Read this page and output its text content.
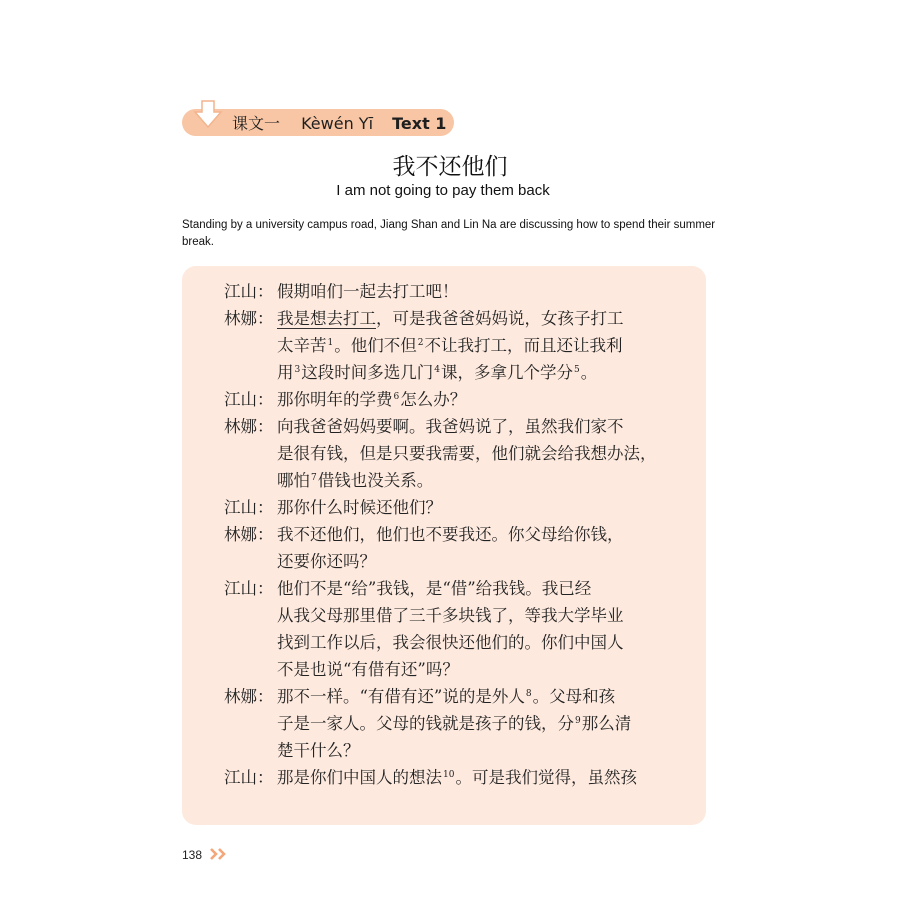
课文一 Kèwén Yī Text 1
我不还他们
I am not going to pay them back
Standing by a university campus road, Jiang Shan and Lin Na are discussing how to spend their summer break.
江山： 假期咱们一起去打工吧！
林娜： 我是想去打工，可是我爸爸妈妈说，女孩子打工
太辛苦$^1$。他们不但$^2$不让我打工，而且还让我利
用$^3$这段时间多选几门$^4$课，多拿几个学分$^5$。
江山： 那你明年的学费$^6$怎么办？
林娜： 向我爸爸妈妈要啊。我爸妈说了，虽然我们家不
是很有钱，但是只要我需要，他们就会给我想办法，
哪怕$^7$借钱也没关系。
江山： 那你什么时候还他们？
林娜： 我不还他们，他们也不要我还。你父母给你钱，
还要你还吗？
江山： 他们不是“给”我钱，是“借”给我钱。我已经
从我父母那里借了三千多块钱了，等我大学毕业
找到工作以后，我会很快还他们的。你们中国人
不是也说“有借有还”吗？
林娜： 那不一样。“有借有还”说的是外人$^8$。父母和孩
子是一家人。父母的钱就是孩子的钱，分$^9$那么清
楚干什么？
江山： 那是你们中国人的想法$^{10}$。可是我们觉得，虽然孩
138
